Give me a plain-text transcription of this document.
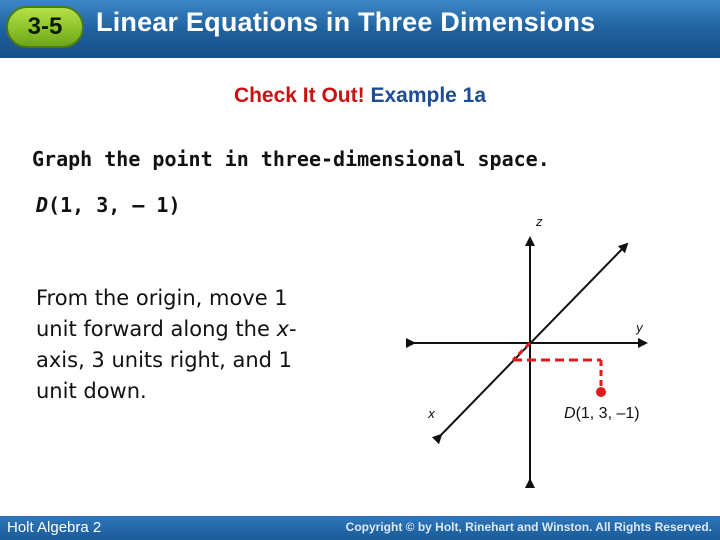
3-5 Linear Equations in Three Dimensions
Check It Out! Example 1a
Graph the point in three-dimensional space.
D(1, 3, – 1)
From the origin, move 1 unit forward along the x-axis, 3 units right, and 1 unit down.
z
y
x	D(1, 3, –1)
Holt Algebra 2	Copyright © by Holt, Rinehart and Winston. All Rights Reserved.
